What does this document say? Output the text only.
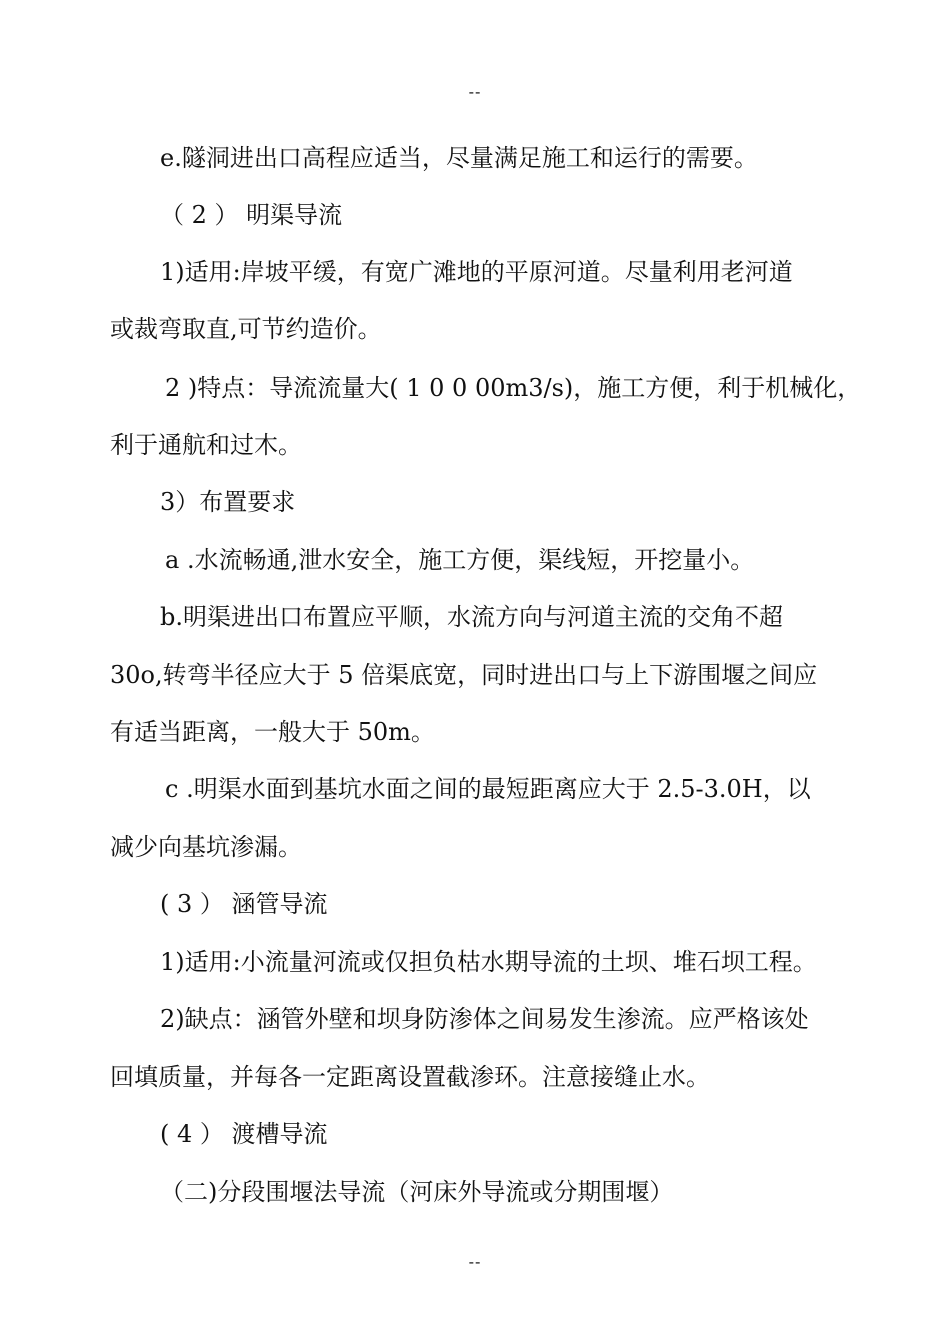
--
e.隧洞进出口高程应适当，尽量满足施工和运行的需要。
（ 2 ） 明渠导流
1)适用:岸坡平缓，有宽广滩地的平原河道。尽量利用老河道
或裁弯取直,可节约造价。
2 )特点：导流流量大( 1 0 0 00m3/s)，施工方便，利于机械化，
利于通航和过木。
3）布置要求
a .水流畅通,泄水安全，施工方便，渠线短，开挖量小。
b.明渠进出口布置应平顺，水流方向与河道主流的交角不超
30o,转弯半径应大于 5 倍渠底宽，同时进出口与上下游围堰之间应
有适当距离，一般大于 50m。
c .明渠水面到基坑水面之间的最短距离应大于 2.5-3.0H，以
减少向基坑渗漏。
( 3 ） 涵管导流
1)适用:小流量河流或仅担负枯水期导流的土坝、堆石坝工程。
2)缺点：涵管外壁和坝身防渗体之间易发生渗流。应严格该处
回填质量，并每各一定距离设置截渗环。注意接缝止水。
( 4 ） 渡槽导流
（二)分段围堰法导流（河床外导流或分期围堰）
--
